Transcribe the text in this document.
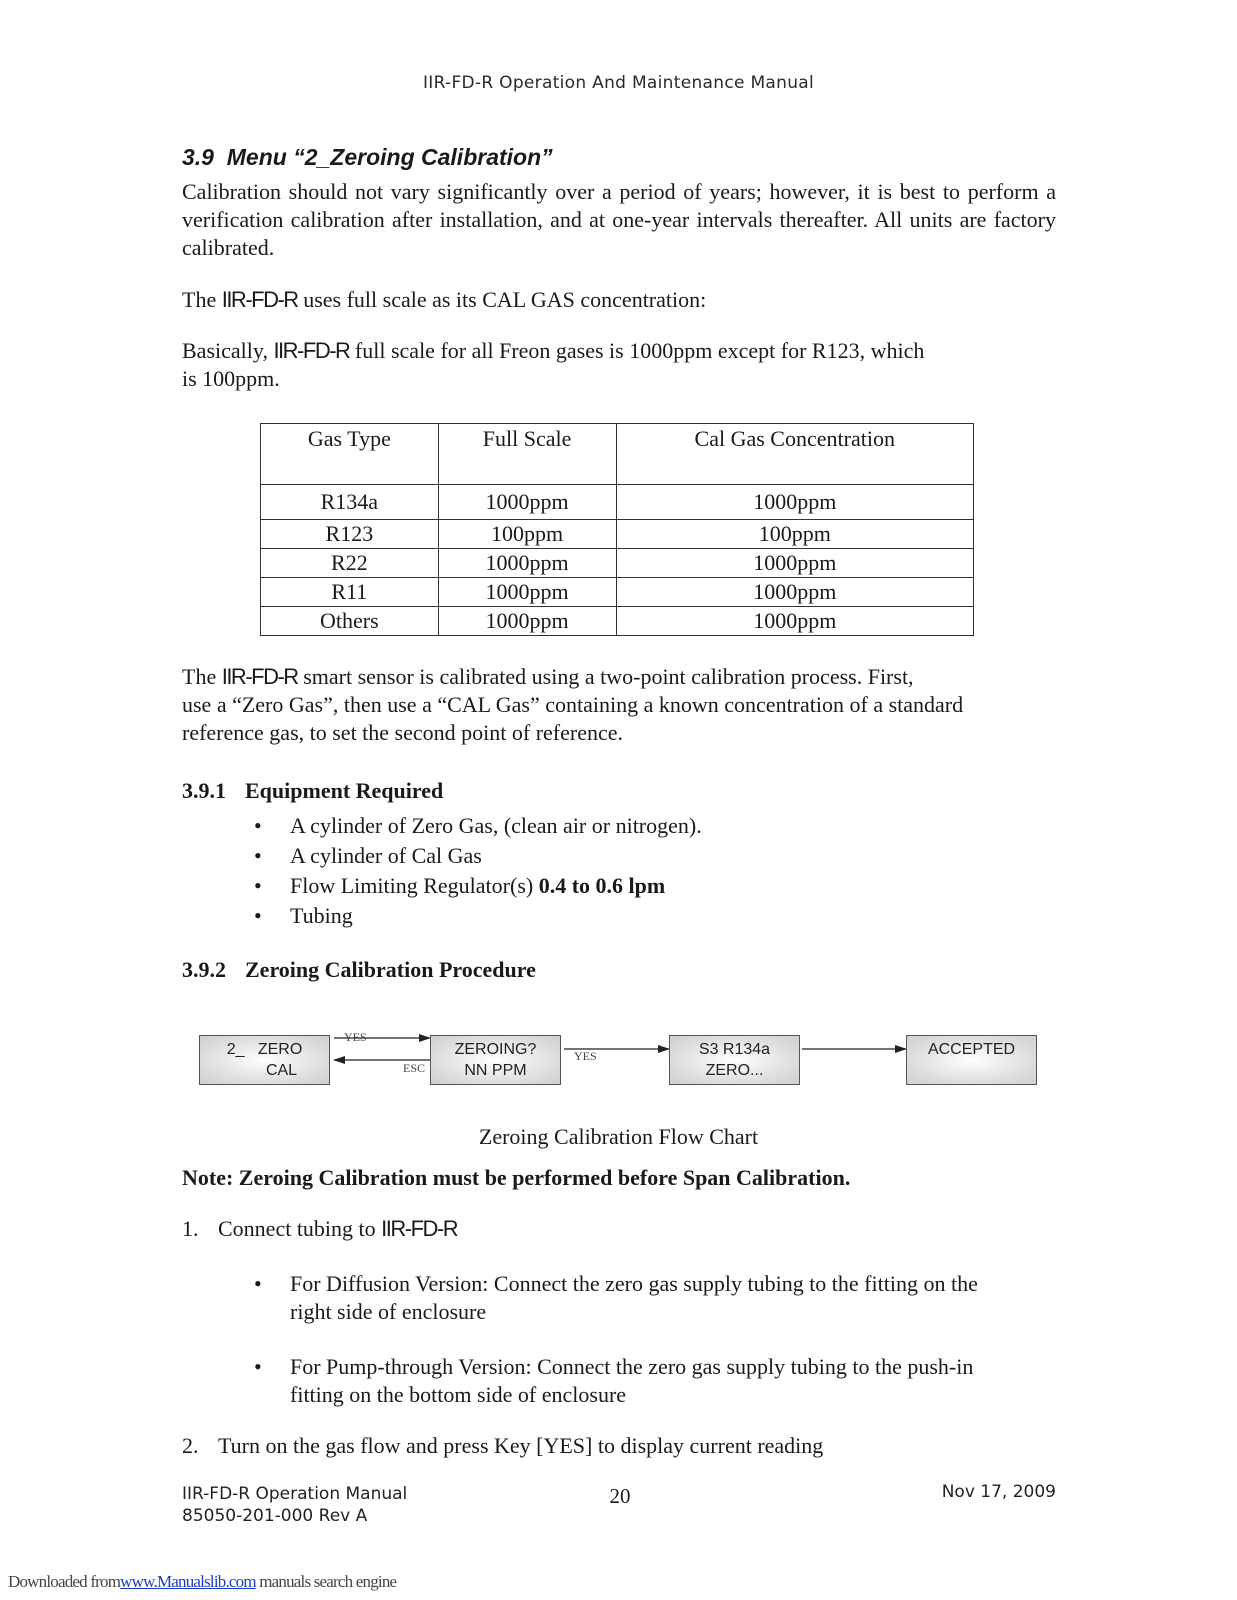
IIR-FD-R Operation And Maintenance Manual
3.9 Menu “2_Zeroing Calibration”
Calibration should not vary significantly over a period of years; however, it is best to perform a verification calibration after installation, and at one-year intervals thereafter. All units are factory calibrated.
The IIR-FD-R uses full scale as its CAL GAS concentration:
Basically, IIR-FD-R full scale for all Freon gases is 1000ppm except for R123, which
is 100ppm.
Gas Type	Full Scale	Cal Gas Concentration
R134a	1000ppm	1000ppm
R123	100ppm	100ppm
R22	1000ppm	1000ppm
R11	1000ppm	1000ppm
Others	1000ppm	1000ppm
The IIR-FD-R smart sensor is calibrated using a two-point calibration process. First,
use a “Zero Gas”, then use a “CAL Gas” containing a known concentration of a standard
reference gas, to set the second point of reference.
3.9.1 Equipment Required
• A cylinder of Zero Gas, (clean air or nitrogen).
• A cylinder of Cal Gas
• Flow Limiting Regulator(s) 0.4 to 0.6 lpm
• Tubing
3.9.2 Zeroing Calibration Procedure
2_   ZERO
CAL
ZEROING?
NN PPM
S3 R134a
ZERO...
ACCEPTED
YES
ESC
YES
Zeroing Calibration Flow Chart
Note: Zeroing Calibration must be performed before Span Calibration.
1. Connect tubing to IIR-FD-R
• For Diffusion Version: Connect the zero gas supply tubing to the fitting on the
right side of enclosure
• For Pump-through Version: Connect the zero gas supply tubing to the push-in
fitting on the bottom side of enclosure
2. Turn on the gas flow and press Key [YES] to display current reading
IIR-FD-R Operation Manual
85050-201-000 Rev A
20	Nov 17, 2009
Downloaded fromwww.Manualslib.com manuals search engine
